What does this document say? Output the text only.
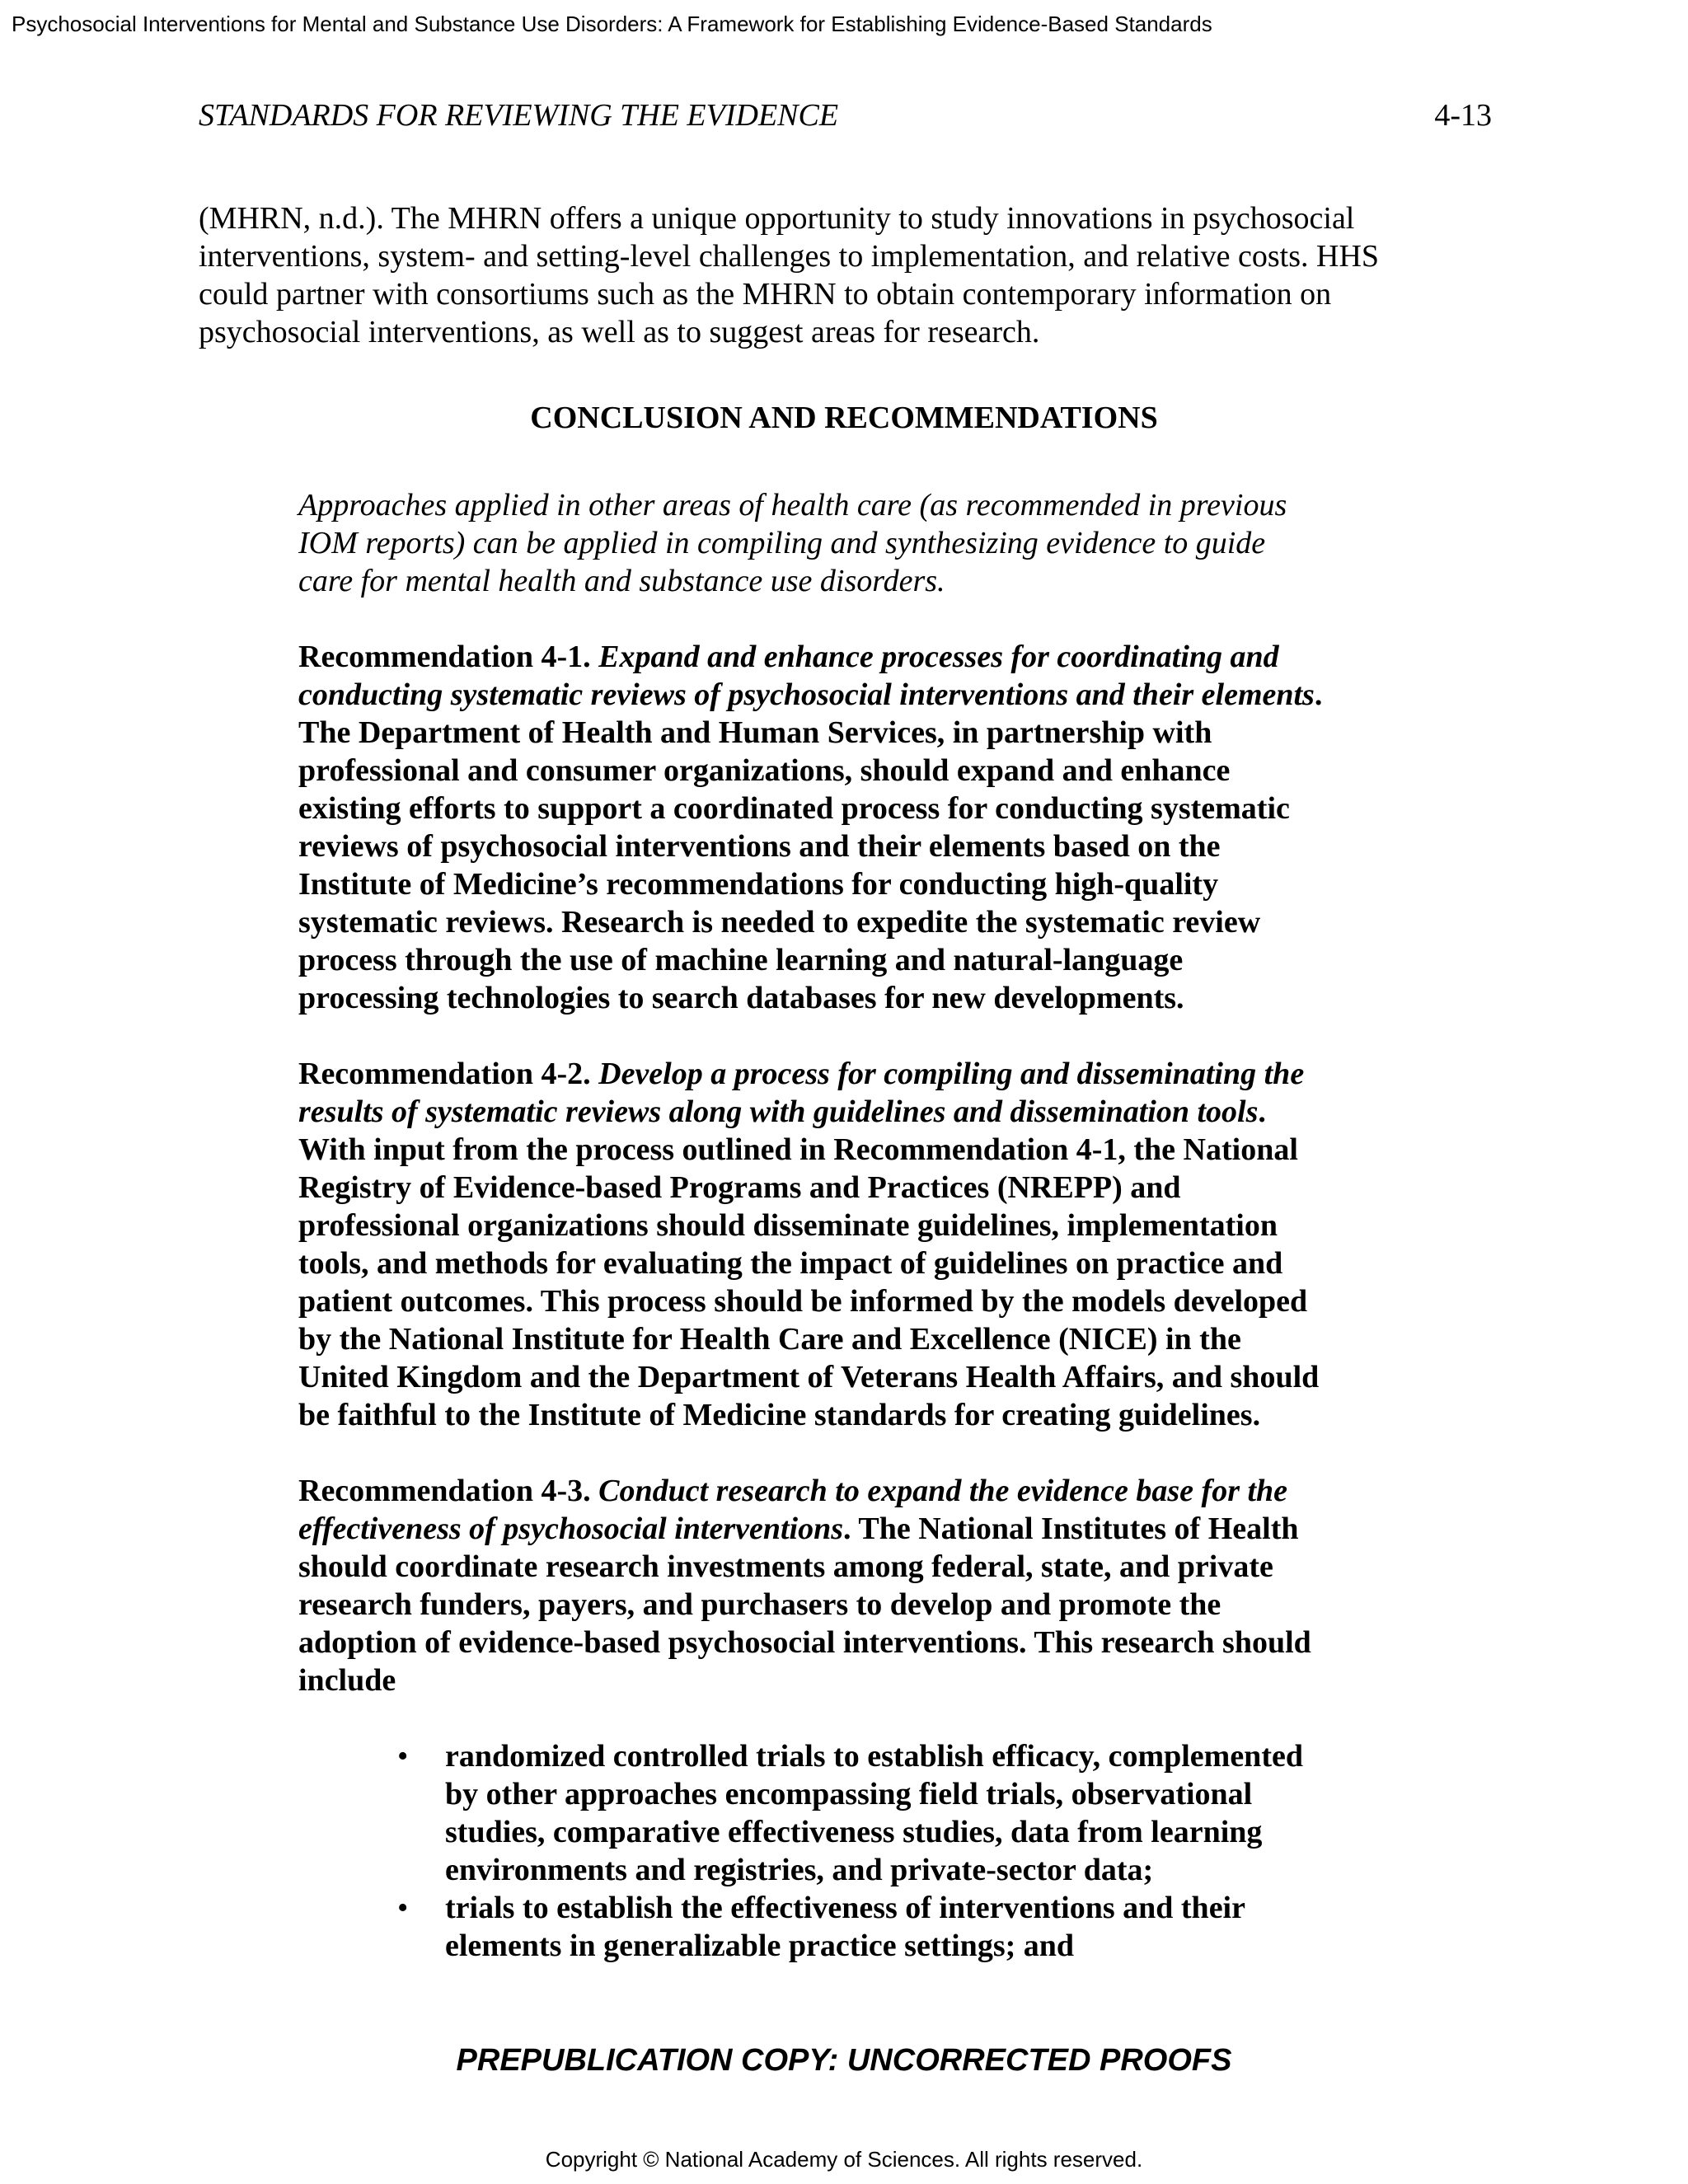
Psychosocial Interventions for Mental and Substance Use Disorders: A Framework for Establishing Evidence-Based Standards
STANDARDS FOR REVIEWING THE EVIDENCE	4-13
(MHRN, n.d.). The MHRN offers a unique opportunity to study innovations in psychosocial
interventions, system- and setting-level challenges to implementation, and relative costs. HHS
could partner with consortiums such as the MHRN to obtain contemporary information on
psychosocial interventions, as well as to suggest areas for research.
CONCLUSION AND RECOMMENDATIONS
Approaches applied in other areas of health care (as recommended in previous
IOM reports) can be applied in compiling and synthesizing evidence to guide
care for mental health and substance use disorders.
Recommendation 4-1. Expand and enhance processes for coordinating and
conducting systematic reviews of psychosocial interventions and their elements.
The Department of Health and Human Services, in partnership with
professional and consumer organizations, should expand and enhance
existing efforts to support a coordinated process for conducting systematic
reviews of psychosocial interventions and their elements based on the
Institute of Medicine’s recommendations for conducting high-quality
systematic reviews. Research is needed to expedite the systematic review
process through the use of machine learning and natural-language
processing technologies to search databases for new developments.
Recommendation 4-2. Develop a process for compiling and disseminating the
results of systematic reviews along with guidelines and dissemination tools.
With input from the process outlined in Recommendation 4-1, the National
Registry of Evidence-based Programs and Practices (NREPP) and
professional organizations should disseminate guidelines, implementation
tools, and methods for evaluating the impact of guidelines on practice and
patient outcomes. This process should be informed by the models developed
by the National Institute for Health Care and Excellence (NICE) in the
United Kingdom and the Department of Veterans Health Affairs, and should
be faithful to the Institute of Medicine standards for creating guidelines.
Recommendation 4-3. Conduct research to expand the evidence base for the
effectiveness of psychosocial interventions. The National Institutes of Health
should coordinate research investments among federal, state, and private
research funders, payers, and purchasers to develop and promote the
adoption of evidence-based psychosocial interventions. This research should
include
• randomized controlled trials to establish efficacy, complemented
by other approaches encompassing field trials, observational
studies, comparative effectiveness studies, data from learning
environments and registries, and private-sector data;
• trials to establish the effectiveness of interventions and their
elements in generalizable practice settings; and
PREPUBLICATION COPY: UNCORRECTED PROOFS
Copyright © National Academy of Sciences. All rights reserved.
